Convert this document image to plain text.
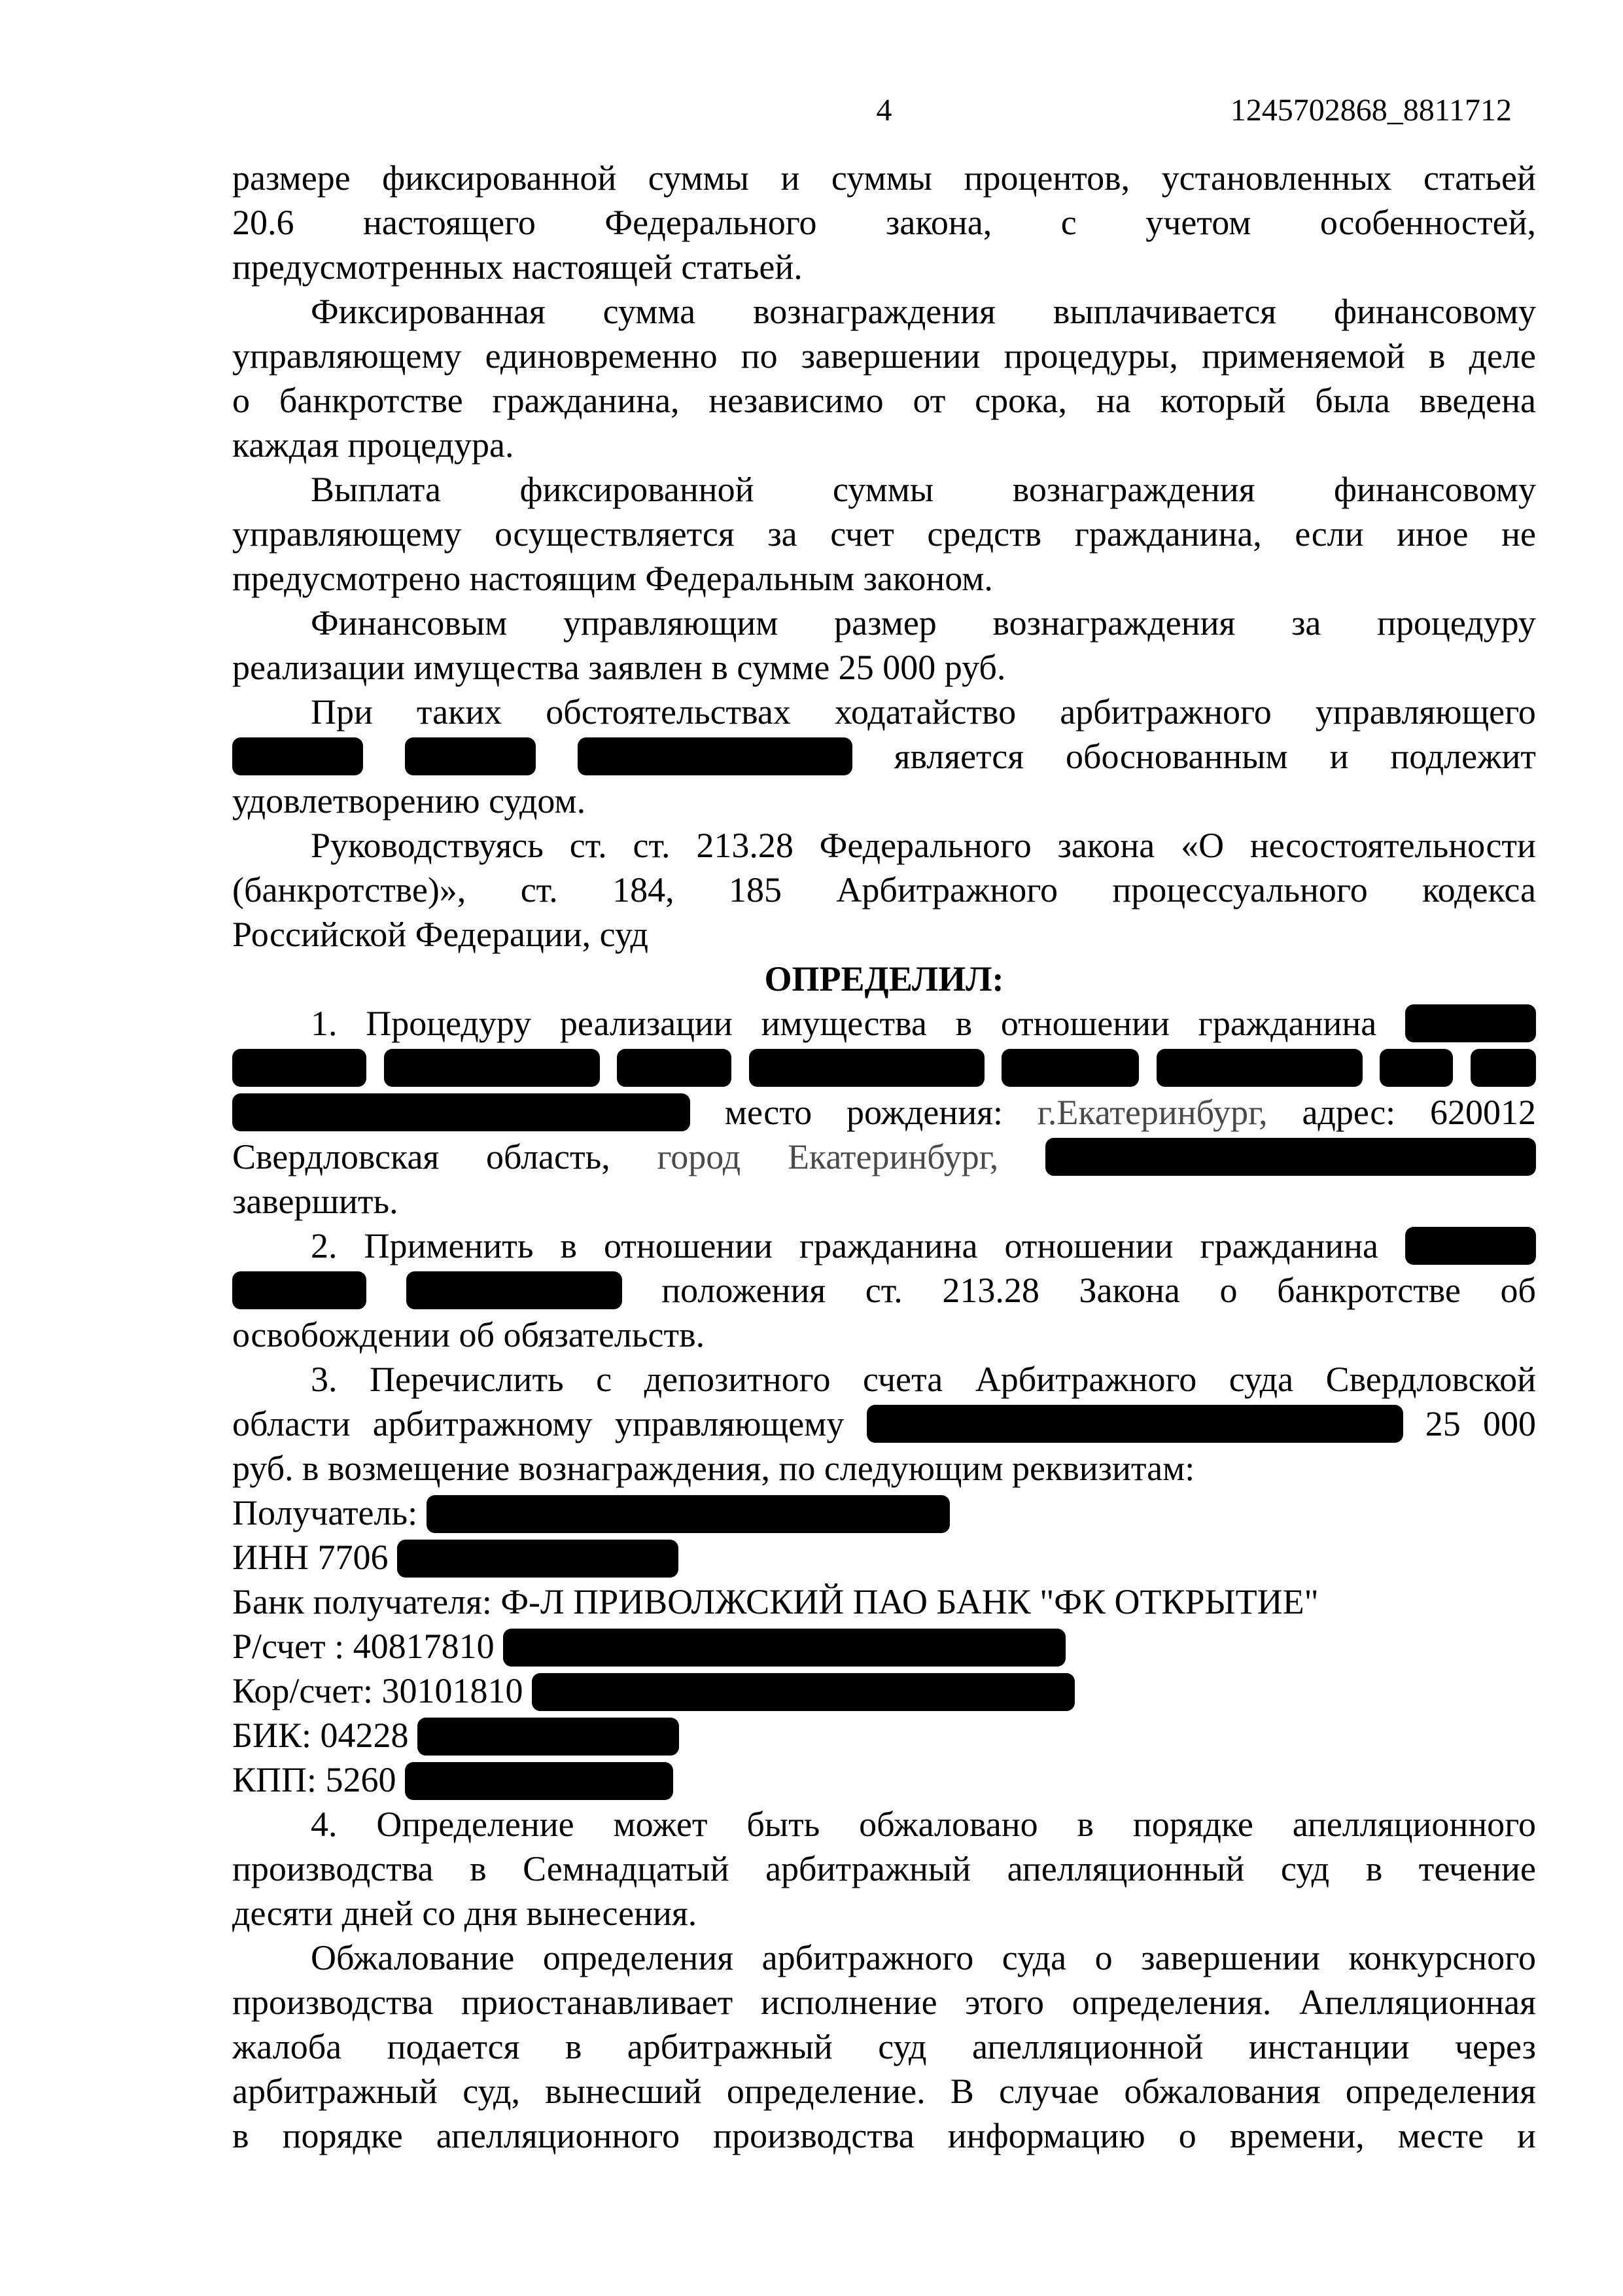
4	1245702868_8811712
размере фиксированной суммы и суммы процентов, установленных статьей
20.6 настоящего Федерального закона, с учетом особенностей,
предусмотренных настоящей статьей.
Фиксированная сумма вознаграждения выплачивается финансовому
управляющему единовременно по завершении процедуры, применяемой в деле
о банкротстве гражданина, независимо от срока, на который была введена
каждая процедура.
Выплата фиксированной суммы вознаграждения финансовому
управляющему осуществляется за счет средств гражданина, если иное не
предусмотрено настоящим Федеральным законом.
Финансовым управляющим размер вознаграждения за процедуру
реализации имущества заявлен в сумме 25 000 руб.
При таких обстоятельствах ходатайство арбитражного управляющего
является обоснованным и подлежит
удовлетворению судом.
Руководствуясь ст. ст. 213.28 Федерального закона «О несостоятельности
(банкротстве)», ст. 184, 185 Арбитражного процессуального кодекса
Российской Федерации, суд
ОПРЕДЕЛИЛ:
1. Процедуру реализации имущества в отношении гражданина
место рождения: г.Екатеринбург, адрес: 620012
Свердловская область, город Екатеринбург,
завершить.
2. Применить в отношении гражданина отношении гражданина
положения ст. 213.28 Закона о банкротстве об
освобождении об обязательств.
3. Перечислить с депозитного счета Арбитражного суда Свердловской
области арбитражному управляющему	25 000
руб. в возмещение вознаграждения, по следующим реквизитам:
Получатель:
ИНН 7706
Банк получателя: Ф-Л ПРИВОЛЖСКИЙ ПАО БАНК "ФК ОТКРЫТИЕ"
Р/счет : 40817810
Кор/счет: 30101810
БИК: 04228
КПП: 5260
4. Определение может быть обжаловано в порядке апелляционного
производства в Семнадцатый арбитражный апелляционный суд в течение
десяти дней со дня вынесения.
Обжалование определения арбитражного суда о завершении конкурсного
производства приостанавливает исполнение этого определения. Апелляционная
жалоба подается в арбитражный суд апелляционной инстанции через
арбитражный суд, вынесший определение. В случае обжалования определения
в порядке апелляционного производства информацию о времени, месте и
